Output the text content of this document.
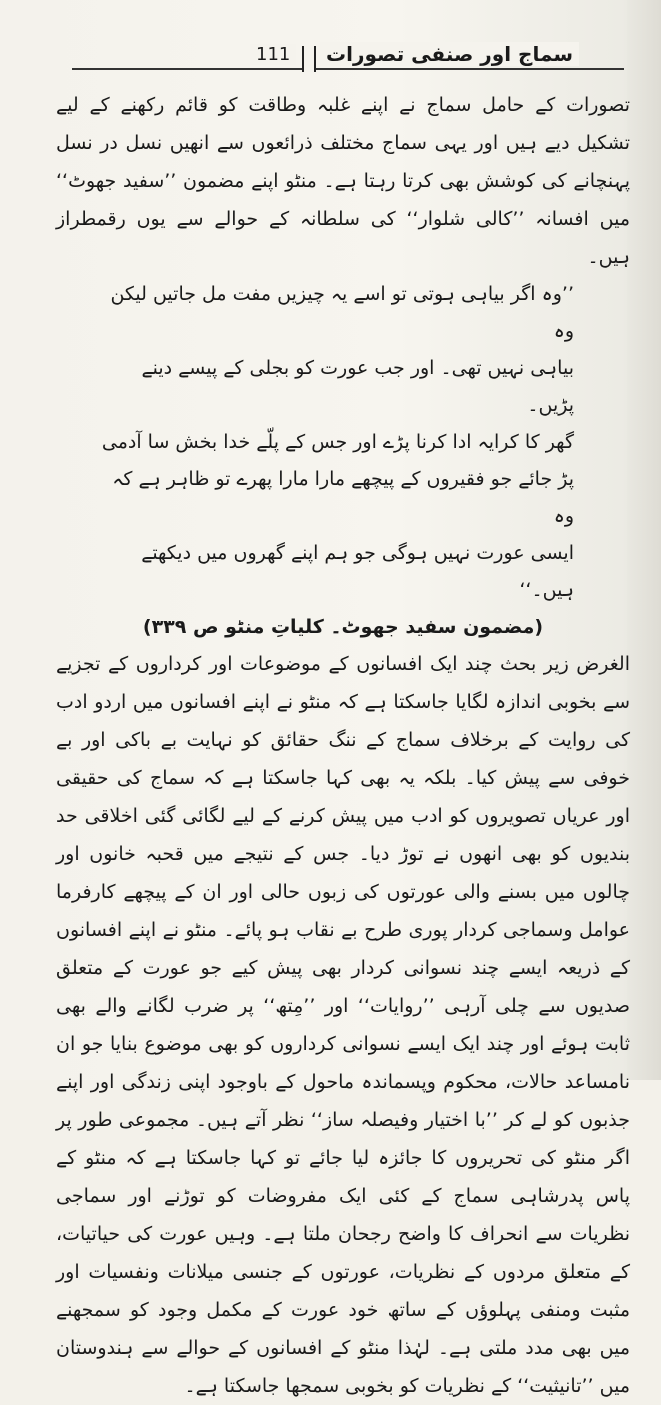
111	سماج اور صنفی تصورات

تصورات کے حامل سماج نے اپنے غلبہ وطاقت کو قائم رکھنے کے لیے تشکیل دیے ہیں اور یہی سماج مختلف ذرائعوں سے انھیں نسل در نسل پہنچانے کی کوشش بھی کرتا رہتا ہے۔ منٹو اپنے مضمون ’’سفید جھوٹ‘‘ میں افسانہ ’’کالی شلوار‘‘ کی سلطانہ کے حوالے سے یوں رقمطراز ہیں۔

’’وہ اگر بیاہی ہوتی تو اسے یہ چیزیں مفت مل جاتیں لیکن وہ

بیاہی نہیں تھی۔ اور جب عورت کو بجلی کے پیسے دینے پڑیں۔

گھر کا کرایہ ادا کرنا پڑے اور جس کے پلّے خدا بخش سا آدمی

پڑ جائے جو فقیروں کے پیچھے مارا مارا پھرے تو ظاہر ہے کہ وہ

ایسی عورت نہیں ہوگی جو ہم اپنے گھروں میں دیکھتے ہیں۔‘‘

(مضمون سفید جھوٹ۔ کلیاتِ منٹو ص ۳۳۹)

الغرض زیر بحث چند ایک افسانوں کے موضوعات اور کرداروں کے تجزیے سے بخوبی اندازہ لگایا جاسکتا ہے کہ منٹو نے اپنے افسانوں میں اردو ادب کی روایت کے برخلاف سماج کے ننگ حقائق کو نہایت بے باکی اور بے خوفی سے پیش کیا۔ بلکہ یہ بھی کہا جاسکتا ہے کہ سماج کی حقیقی اور عریاں تصویروں کو ادب میں پیش کرنے کے لیے لگائی گئی اخلاقی حد بندیوں کو بھی انھوں نے توڑ دیا۔ جس کے نتیجے میں قحبہ خانوں اور چالوں میں بسنے والی عورتوں کی زبوں حالی اور ان کے پیچھے کارفرما عوامل وسماجی کردار پوری طرح بے نقاب ہو پائے۔ منٹو نے اپنے افسانوں کے ذریعہ ایسے چند نسوانی کردار بھی پیش کیے جو عورت کے متعلق صدیوں سے چلی آرہی ’’روایات‘‘ اور ’’مِتھ‘‘ پر ضرب لگانے والے بھی ثابت ہوئے اور چند ایک ایسے نسوانی کرداروں کو بھی موضوع بنایا جو ان نامساعد حالات، محکوم وپسماندہ ماحول کے باوجود اپنی زندگی اور اپنے جذبوں کو لے کر ’’با اختیار وفیصلہ ساز‘‘ نظر آتے ہیں۔ مجموعی طور پر اگر منٹو کی تحریروں کا جائزہ لیا جائے تو کہا جاسکتا ہے کہ منٹو کے پاس پدرشاہی سماج کے کئی ایک مفروضات کو توڑنے اور سماجی نظریات سے انحراف کا واضح رجحان ملتا ہے۔ وہیں عورت کی حیاتیات، کے متعلق مردوں کے نظریات، عورتوں کے جنسی میلانات ونفسیات اور مثبت ومنفی پہلوؤں کے ساتھ خود عورت کے مکمل وجود کو سمجھنے میں بھی مدد ملتی ہے۔ لہٰذا منٹو کے افسانوں کے حوالے سے ہندوستان میں ’’تانیثیت‘‘ کے نظریات کو بخوبی سمجھا جاسکتا ہے۔
